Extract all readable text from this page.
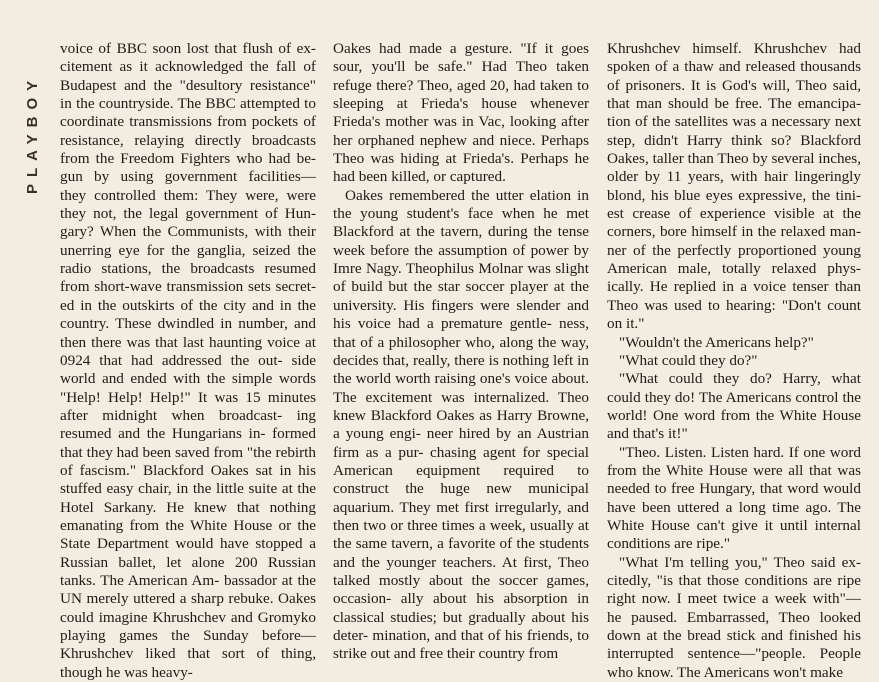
PLAYBOY

voice of BBC soon lost that flush of ex- citement as it acknowledged the fall of Budapest and the "desultory resistance" in the countryside. The BBC attempted to coordinate transmissions from pockets of resistance, relaying directly broadcasts from the Freedom Fighters who had be- gun by using government facilities— they controlled them: They were, were they not, the legal government of Hun- gary? When the Communists, with their unerring eye for the ganglia, seized the radio stations, the broadcasts resumed from short-wave transmission sets secret- ed in the outskirts of the city and in the country. These dwindled in number, and then there was that last haunting voice at 0924 that had addressed the out- side world and ended with the simple words "Help! Help! Help!" It was 15 minutes after midnight when broadcast- ing resumed and the Hungarians in- formed that they had been saved from "the rebirth of fascism." Blackford Oakes sat in his stuffed easy chair, in the little suite at the Hotel Sarkany. He knew that nothing emanating from the White House or the State Department would have stopped a Russian ballet, let alone 200 Russian tanks. The American Am- bassador at the UN merely uttered a sharp rebuke. Oakes could imagine Khrushchev and Gromyko playing games the Sunday before—Khrushchev liked that sort of thing, though he was heavy-

Oakes had made a gesture. "If it goes sour, you'll be safe." Had Theo taken refuge there? Theo, aged 20, had taken to sleeping at Frieda's house whenever Frieda's mother was in Vac, looking after her orphaned nephew and niece. Perhaps Theo was hiding at Frieda's. Perhaps he had been killed, or captured.

Oakes remembered the utter elation in the young student's face when he met Blackford at the tavern, during the tense week before the assumption of power by Imre Nagy. Theophilus Molnar was slight of build but the star soccer player at the university. His fingers were slender and his voice had a premature gentle- ness, that of a philosopher who, along the way, decides that, really, there is nothing left in the world worth raising one's voice about. The excitement was internalized. Theo knew Blackford Oakes as Harry Browne, a young engi- neer hired by an Austrian firm as a pur- chasing agent for special American equipment required to construct the huge new municipal aquarium. They met first irregularly, and then two or three times a week, usually at the same tavern, a favorite of the students and the younger teachers. At first, Theo talked mostly about the soccer games, occasion- ally about his absorption in classical studies; but gradually about his deter- mination, and that of his friends, to strike out and free their country from

Khrushchev himself. Khrushchev had spoken of a thaw and released thousands of prisoners. It is God's will, Theo said, that man should be free. The emancipa- tion of the satellites was a necessary next step, didn't Harry think so? Blackford Oakes, taller than Theo by several inches, older by 11 years, with hair lingeringly blond, his blue eyes expressive, the tini- est crease of experience visible at the corners, bore himself in the relaxed man- ner of the perfectly proportioned young American male, totally relaxed phys- ically. He replied in a voice tenser than Theo was used to hearing: "Don't count on it."

"Wouldn't the Americans help?"

"What could they do?"

"What could they do? Harry, what could they do! The Americans control the world! One word from the White House and that's it!"

"Theo. Listen. Listen hard. If one word from the White House were all that was needed to free Hungary, that word would have been uttered a long time ago. The White House can't give it until internal conditions are ripe."

"What I'm telling you," Theo said ex- citedly, "is that those conditions are ripe right now. I meet twice a week with"— he paused. Embarrassed, Theo looked down at the bread stick and finished his interrupted sentence—"people. People who know. The Americans won't make
